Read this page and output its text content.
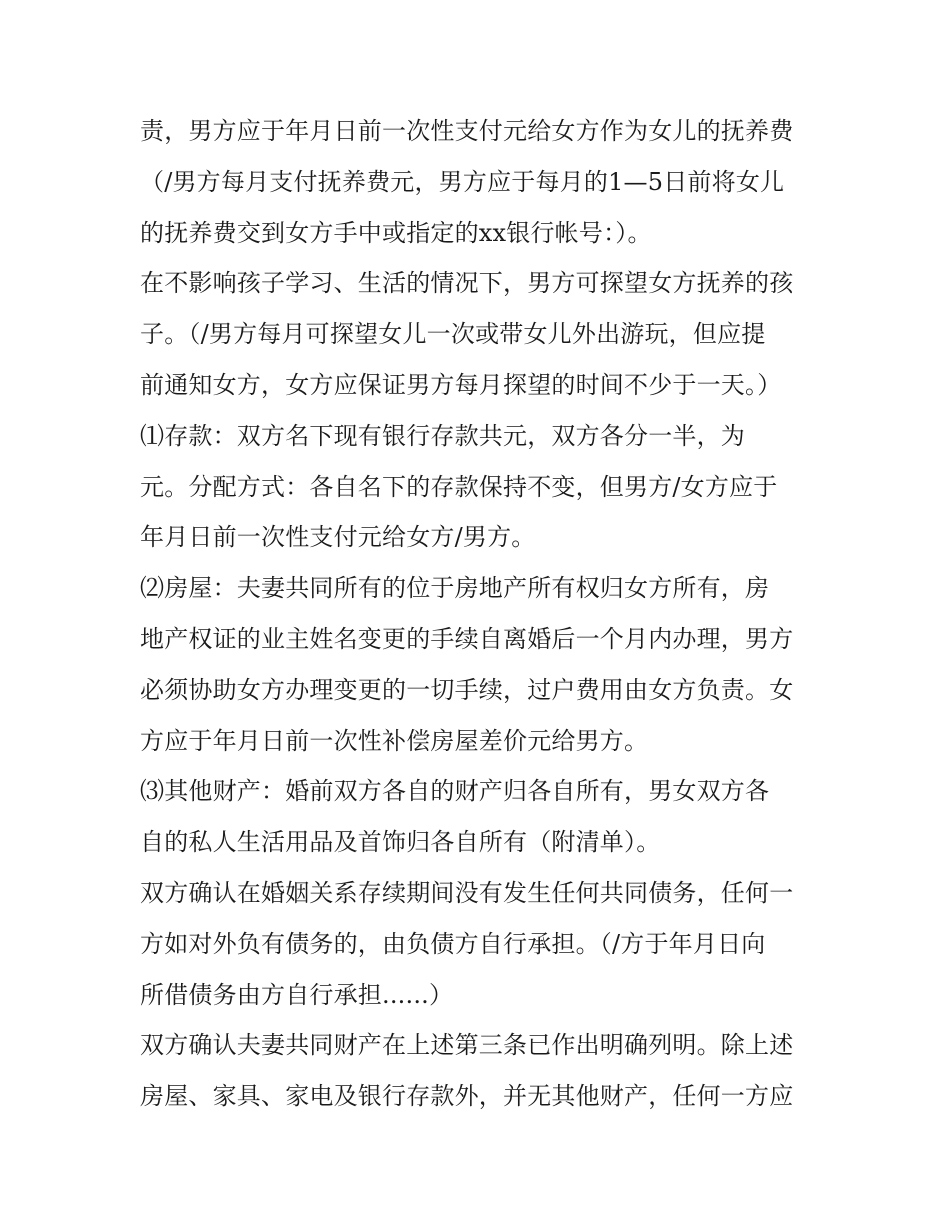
责，男方应于年月日前一次性支付元给女方作为女儿的抚养费
（/男方每月支付抚养费元，男方应于每月的1—5日前将女儿
的抚养费交到女方手中或指定的xx银行帐号：）。
在不影响孩子学习、生活的情况下，男方可探望女方抚养的孩
子。（/男方每月可探望女儿一次或带女儿外出游玩，但应提
前通知女方，女方应保证男方每月探望的时间不少于一天。）
⑴存款：双方名下现有银行存款共元，双方各分一半，为
元。分配方式：各自名下的存款保持不变，但男方/女方应于
年月日前一次性支付元给女方/男方。
⑵房屋：夫妻共同所有的位于房地产所有权归女方所有，房
地产权证的业主姓名变更的手续自离婚后一个月内办理，男方
必须协助女方办理变更的一切手续，过户费用由女方负责。女
方应于年月日前一次性补偿房屋差价元给男方。
⑶其他财产：婚前双方各自的财产归各自所有，男女双方各
自的私人生活用品及首饰归各自所有（附清单）。
双方确认在婚姻关系存续期间没有发生任何共同债务，任何一
方如对外负有债务的，由负债方自行承担。（/方于年月日向
所借债务由方自行承担......）
双方确认夫妻共同财产在上述第三条已作出明确列明。除上述
房屋、家具、家电及银行存款外，并无其他财产，任何一方应
